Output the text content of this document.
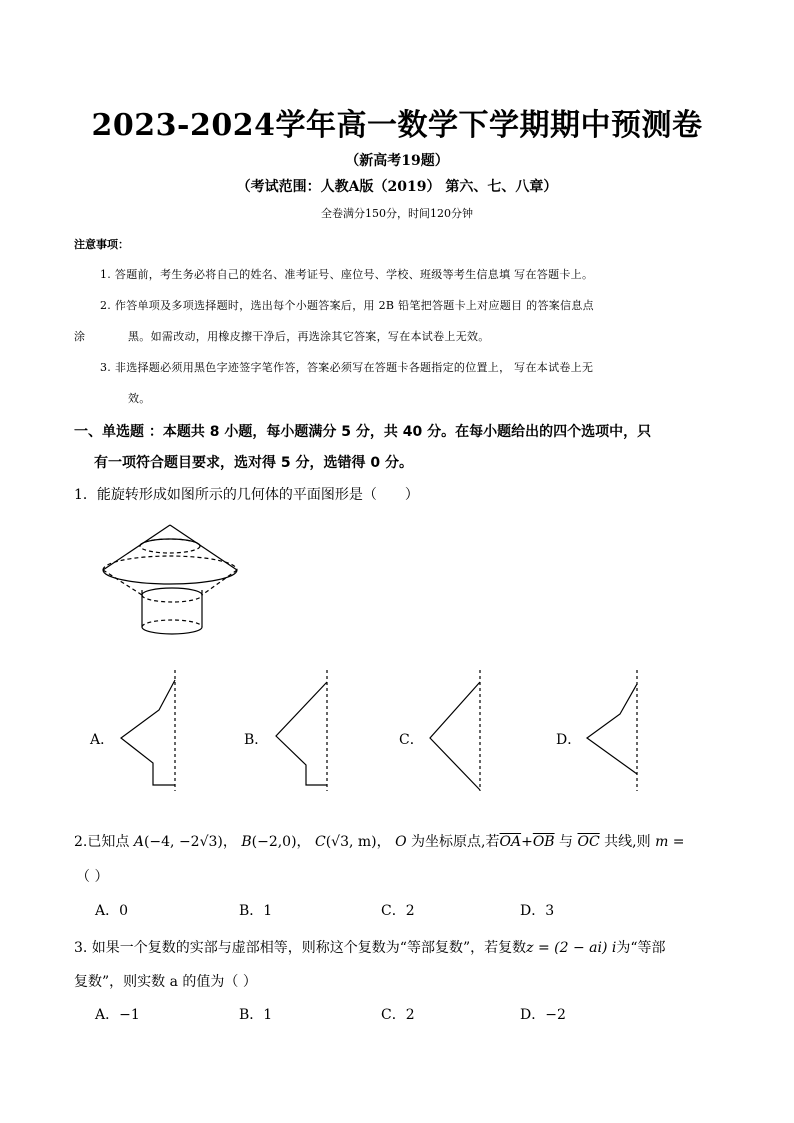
2023-2024学年高一数学下学期期中预测卷
（新高考19题）
（考试范围：人教A版（2019） 第六、七、八章）
全卷满分150分，时间120分钟
注意事项：
1. 答题前，考生务必将自己的姓名、准考证号、座位号、学校、班级等考生信息填 写在答题卡上。
2. 作答单项及多项选择题时，选出每个小题答案后，用 2B 铅笔把答题卡上对应题目 的答案信息点
涂	黑。如需改动，用橡皮擦干净后，再选涂其它答案，写在本试卷上无效。
3. 非选择题必须用黑色字迹签字笔作答，答案必须写在答题卡各题指定的位置上， 写在本试卷上无
效。
一、单选题 ：本题共 8 小题，每小题满分 5 分，共 40 分。在每小题给出的四个选项中，只
有一项符合题目要求，选对得 5 分，选错得 0 分。
1．能旋转形成如图所示的几何体的平面图形是（　　）
A．	B．	C．	D．
2.已知点 A(−4, −2√3)， B(−2,0)， C(√3, m)， O 为坐标原点,若$\overline{OA}+\overline{OB}$ 与 $\overline{OC}$ 共线,则 m =
（ ）
A．0	B．1	C．2	D．3
3. 如果一个复数的实部与虚部相等，则称这个复数为“等部复数”，若复数z = (2 − ai) i为“等部
复数”，则实数 a 的值为（ ）
A．−1	B．1	C．2	D．−2
